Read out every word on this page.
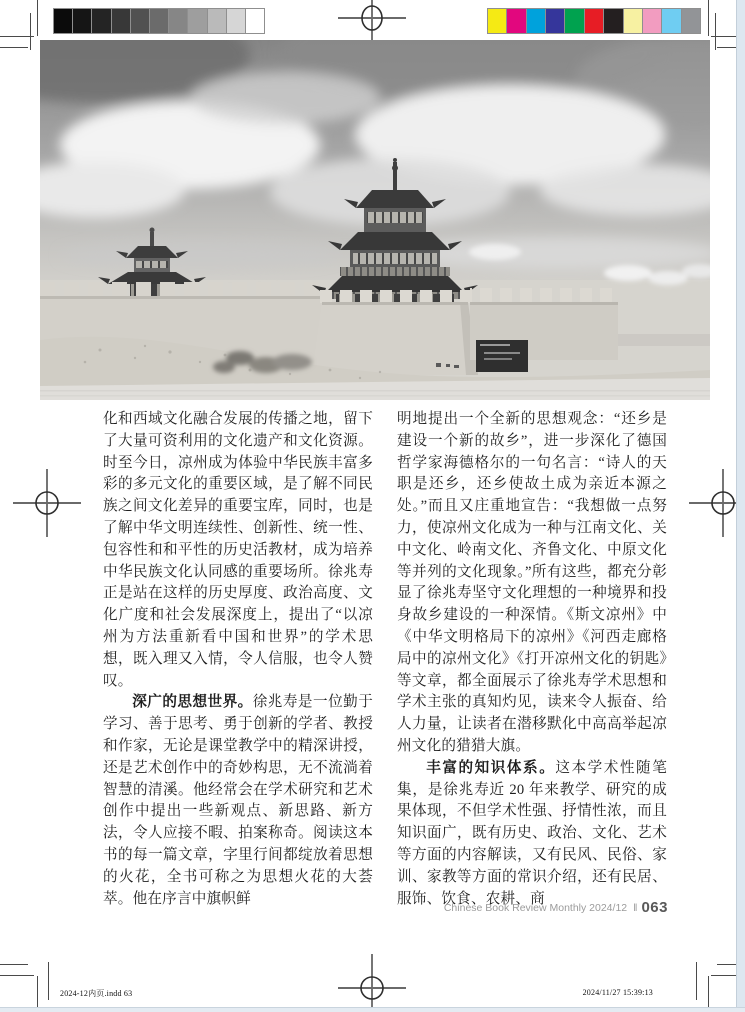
化和西域文化融合发展的传播之地，留下了大量可资利用的文化遗产和文化资源。时至今日，凉州成为体验中华民族丰富多彩的多元文化的重要区域，是了解不同民族之间文化差异的重要宝库，同时，也是了解中华文明连续性、创新性、统一性、包容性和和平性的历史活教材，成为培养中华民族文化认同感的重要场所。徐兆寿正是站在这样的历史厚度、政治高度、文化广度和社会发展深度上，提出了“以凉州为方法重新看中国和世界”的学术思想，既入理又入情，令人信服，也令人赞叹。

深广的思想世界。徐兆寿是一位勤于学习、善于思考、勇于创新的学者、教授和作家，无论是课堂教学中的精深讲授，还是艺术创作中的奇妙构思，无不流淌着智慧的清溪。他经常会在学术研究和艺术创作中提出一些新观点、新思路、新方法，令人应接不暇、拍案称奇。阅读这本书的每一篇文章，字里行间都绽放着思想的火花，全书可称之为思想火花的大荟萃。他在序言中旗帜鲜

明地提出一个全新的思想观念：“还乡是建设一个新的故乡”，进一步深化了德国哲学家海德格尔的一句名言：“诗人的天职是还乡，还乡使故土成为亲近本源之处。”而且又庄重地宣告：“我想做一点努力，使凉州文化成为一种与江南文化、关中文化、岭南文化、齐鲁文化、中原文化等并列的文化现象。”所有这些，都充分彰显了徐兆寿坚守文化理想的一种境界和投身故乡建设的一种深情。《斯文凉州》中《中华文明格局下的凉州》《河西走廊格局中的凉州文化》《打开凉州文化的钥匙》等文章，都全面展示了徐兆寿学术思想和学术主张的真知灼见，读来令人振奋、给人力量，让读者在潜移默化中高高举起凉州文化的猎猎大旗。

丰富的知识体系。这本学术性随笔集，是徐兆寿近 20 年来教学、研究的成果体现，不但学术性强、抒情性浓，而且知识面广，既有历史、政治、文化、艺术等方面的内容解读，又有民风、民俗、家训、家教等方面的常识介绍，还有民居、服饰、饮食、农耕、商

Chinese Book Review Monthly 2024/12 ‖ 063
2024-12内页.indd 63	2024/11/27 15:39:13
